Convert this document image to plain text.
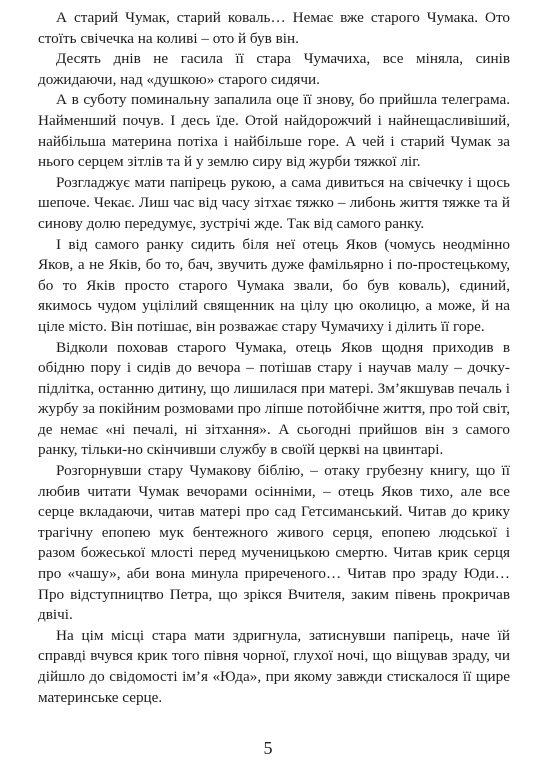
А старий Чумак, старий коваль… Немає вже старого Чумака. Ото стоїть свічечка на коливі – ото й був він.

Десять днів не гасила її стара Чумачиха, все міняла, синів дожидаючи, над «душкою» старого сидячи.

А в суботу поминальну запалила оце її знову, бо прийшла телеграма. Найменший почув. І десь їде. Отой найдорожчий і найнещасливіший, найбільша материна потіха і найбільше горе. А чей і старий Чумак за нього серцем зітлів та й у землю сиру від журби тяжкої ліг.

Розгладжує мати папірець рукою, а сама дивиться на свічечку і щось шепоче. Чекає. Лиш час від часу зітхає тяжко – либонь життя тяжке та й синову долю передумує, зустрічі жде. Так від самого ранку.

І від самого ранку сидить біля неї отець Яков (чомусь неодмінно Яков, а не Яків, бо то, бач, звучить дуже фамільярно і по-простецькому, бо то Яків просто старого Чумака звали, бо був коваль), єдиний, якимось чудом уцілілий священник на цілу цю околицю, а може, й на ціле місто. Він потішає, він розважає стару Чумачиху і ділить її горе.

Відколи поховав старого Чумака, отець Яков щодня приходив в обідню пору і сидів до вечора – потішав стару і научав малу – дочку-підлітка, останню дитину, що лишилася при матері. Зм’якшував печаль і журбу за покійним розмовами про ліпше потойбічне життя, про той світ, де немає «ні печалі, ні зітхання». А сьогодні прийшов він з самого ранку, тільки-но скінчивши службу в своїй церкві на цвинтарі.

Розгорнувши стару Чумакову біблію, – отаку грубезну книгу, що її любив читати Чумак вечорами осінніми, – отець Яков тихо, але все серце вкладаючи, читав матері про сад Гетсиманський. Читав до крику трагічну епопею мук бентежного живого серця, епопею людської і разом божеської млості перед мученицькою смертю. Читав крик серця про «чашу», аби вона минула приреченого… Читав про зраду Юди… Про відступництво Петра, що зрікся Вчителя, заким півень прокричав двічі.

На цім місці стара мати здригнула, затиснувши папірець, наче їй справді вчувся крик того півня чорної, глухої ночі, що віщував зраду, чи дійшло до свідомості ім’я «Юда», при якому завжди стискалося її щире материнське серце.

5
